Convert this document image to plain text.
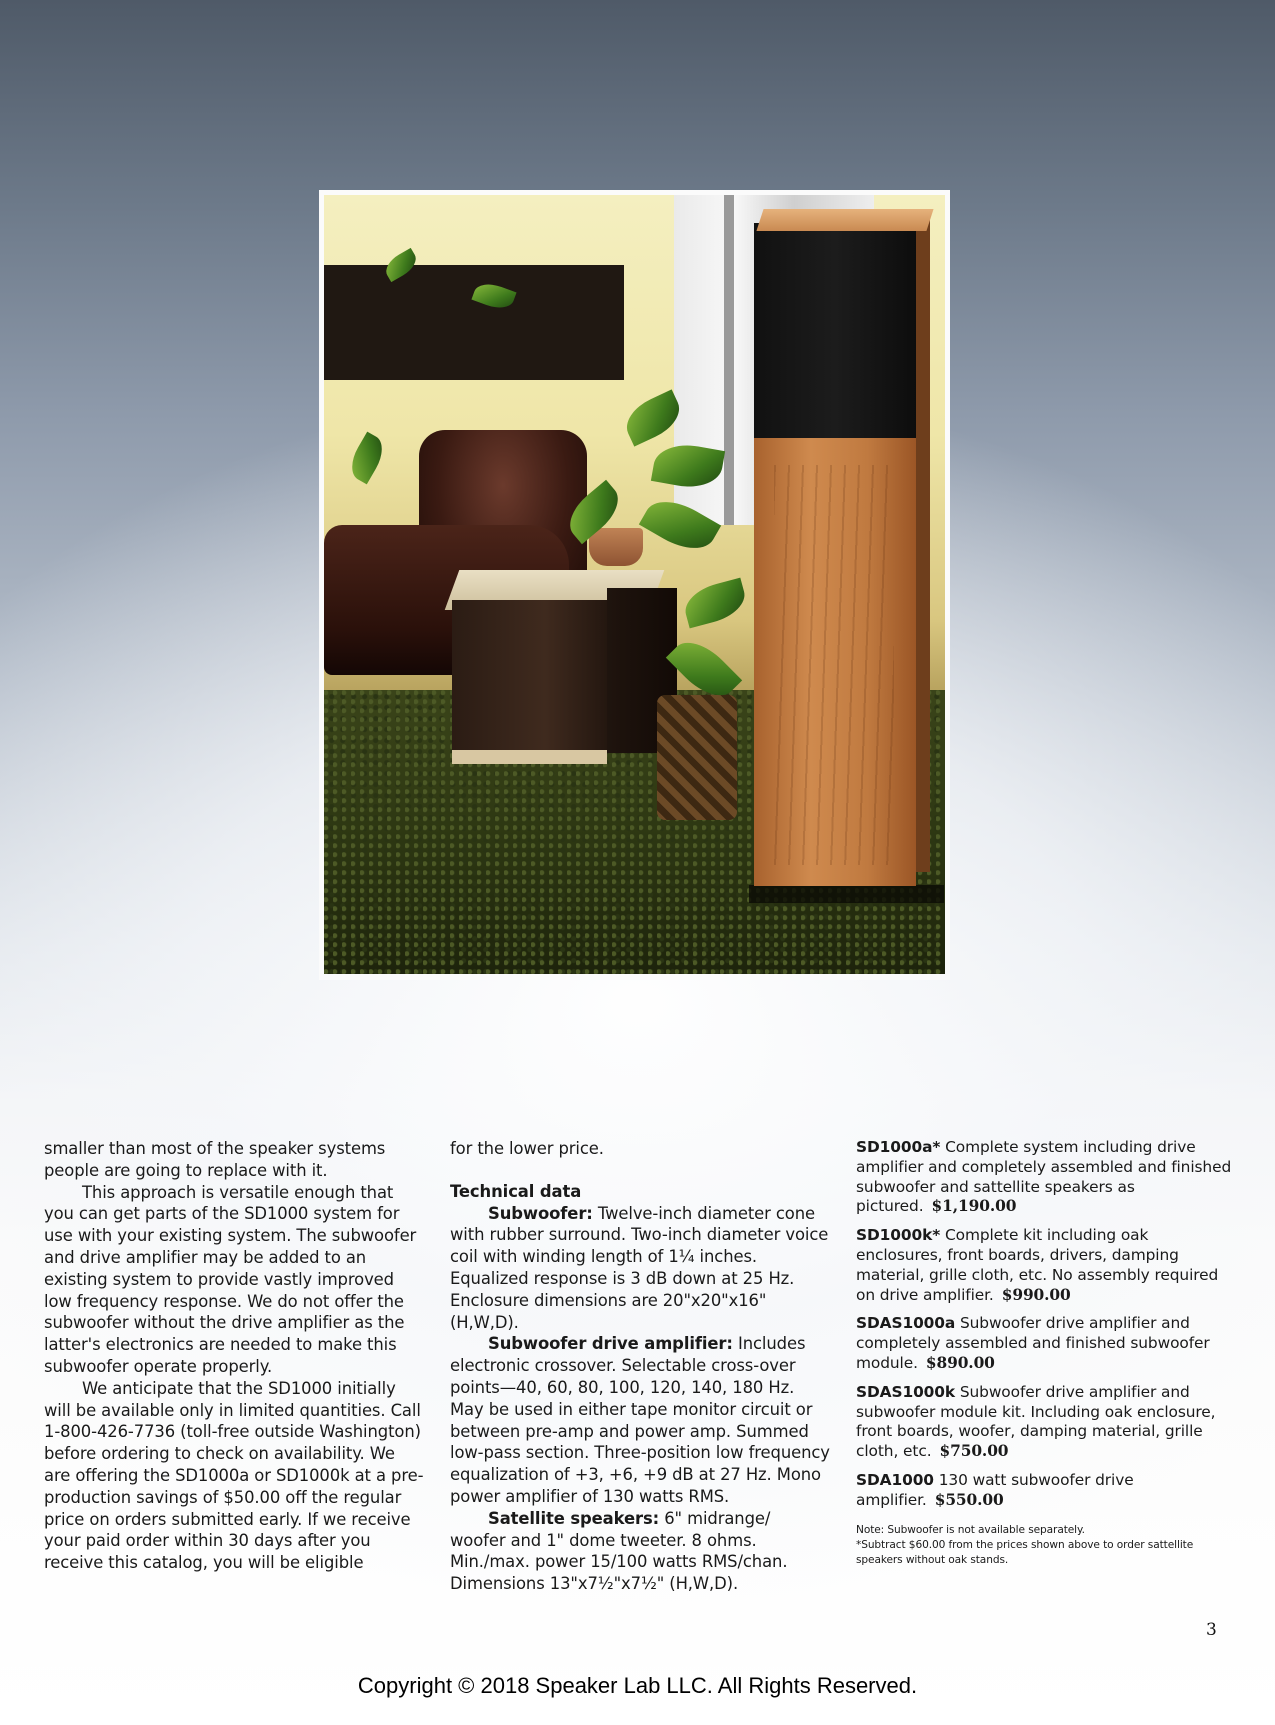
smaller than most of the speaker systems people are going to replace with it.

This approach is versatile enough that you can get parts of the SD1000 system for use with your existing system. The subwoofer and drive amplifier may be added to an existing system to provide vastly improved low frequency response. We do not offer the subwoofer without the drive amplifier as the latter's electronics are needed to make this subwoofer operate properly.

We anticipate that the SD1000 initially will be available only in limited quantities. Call 1-800-426-7736 (toll-free outside Washington) before ordering to check on availability. We are offering the SD1000a or SD1000k at a pre-production savings of $50.00 off the regular price on orders submitted early. If we receive your paid order within 30 days after you receive this catalog, you will be eligible

for the lower price.

Technical data

Subwoofer: Twelve-inch diameter cone with rubber surround. Two-inch diameter voice coil with winding length of 1¼ inches. Equalized response is 3 dB down at 25 Hz. Enclosure dimensions are 20"x20"x16" (H,W,D).

Subwoofer drive amplifier: Includes electronic crossover. Selectable cross-over points—40, 60, 80, 100, 120, 140, 180 Hz. May be used in either tape monitor circuit or between pre-amp and power amp. Summed low-pass section. Three-position low frequency equalization of +3, +6, +9 dB at 27 Hz. Mono power amplifier of 130 watts RMS.

Satellite speakers: 6" midrange/ woofer and 1" dome tweeter. 8 ohms. Min./max. power 15/100 watts RMS/chan. Dimensions 13"x7½"x7½" (H,W,D).

SD1000a* Complete system including drive amplifier and completely assembled and finished subwoofer and sattellite speakers as pictured. $1,190.00

SD1000k* Complete kit including oak enclosures, front boards, drivers, damping material, grille cloth, etc. No assembly required on drive amplifier. $990.00

SDAS1000a Subwoofer drive amplifier and completely assembled and finished subwoofer module. $890.00

SDAS1000k Subwoofer drive amplifier and subwoofer module kit. Including oak enclosure, front boards, woofer, damping material, grille cloth, etc. $750.00

SDA1000 130 watt subwoofer drive amplifier. $550.00

Note: Subwoofer is not available separately.

*Subtract $60.00 from the prices shown above to order sattellite speakers without oak stands.

3
Copyright © 2018 Speaker Lab LLC. All Rights Reserved.
